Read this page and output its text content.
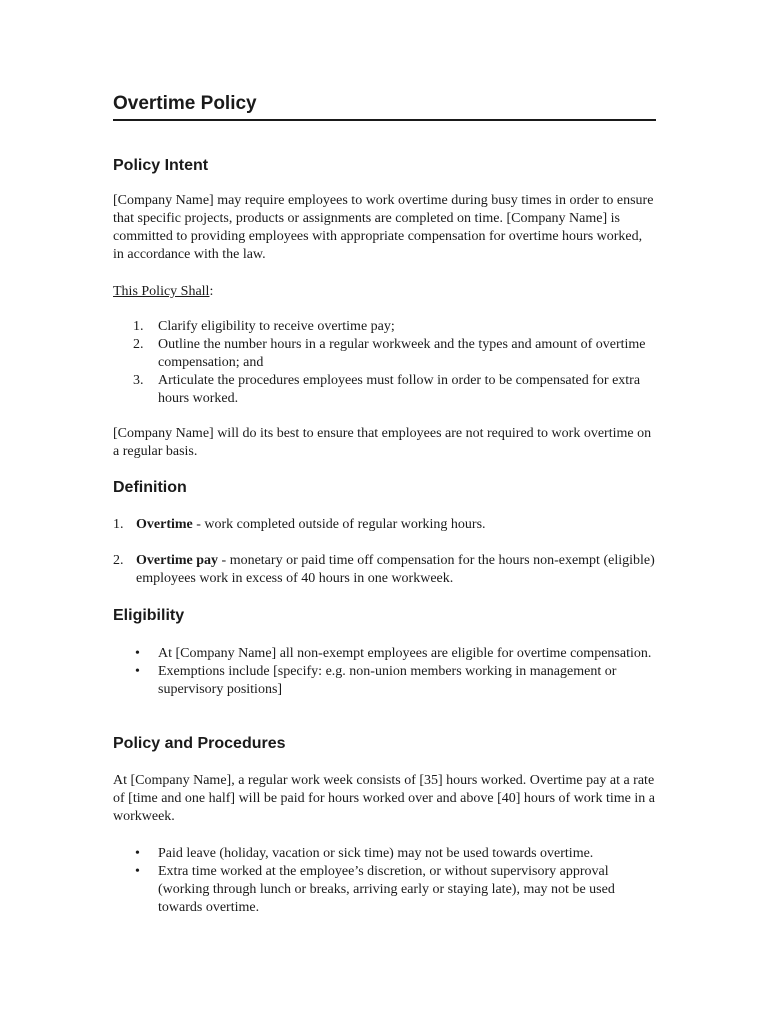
Overtime Policy
Policy Intent

[Company Name] may require employees to work overtime during busy times in order to ensure that specific projects, products or assignments are completed on time. [Company Name] is committed to providing employees with appropriate compensation for overtime hours worked, in accordance with the law.

This Policy Shall:

1. Clarify eligibility to receive overtime pay;
2. Outline the number hours in a regular workweek and the types and amount of overtime compensation; and
3. Articulate the procedures employees must follow in order to be compensated for extra hours worked.

[Company Name] will do its best to ensure that employees are not required to work overtime on a regular basis.

Definition
1. Overtime - work completed outside of regular working hours.
2. Overtime pay - monetary or paid time off compensation for the hours non-exempt (eligible) employees work in excess of 40 hours in one workweek.
Eligibility
• At [Company Name] all non-exempt employees are eligible for overtime compensation.
• Exemptions include [specify: e.g. non-union members working in management or supervisory positions]
Policy and Procedures

At [Company Name], a regular work week consists of [35] hours worked. Overtime pay at a rate of [time and one half] will be paid for hours worked over and above [40] hours of work time in a workweek.

• Paid leave (holiday, vacation or sick time) may not be used towards overtime.
• Extra time worked at the employee’s discretion, or without supervisory approval (working through lunch or breaks, arriving early or staying late), may not be used towards overtime.
